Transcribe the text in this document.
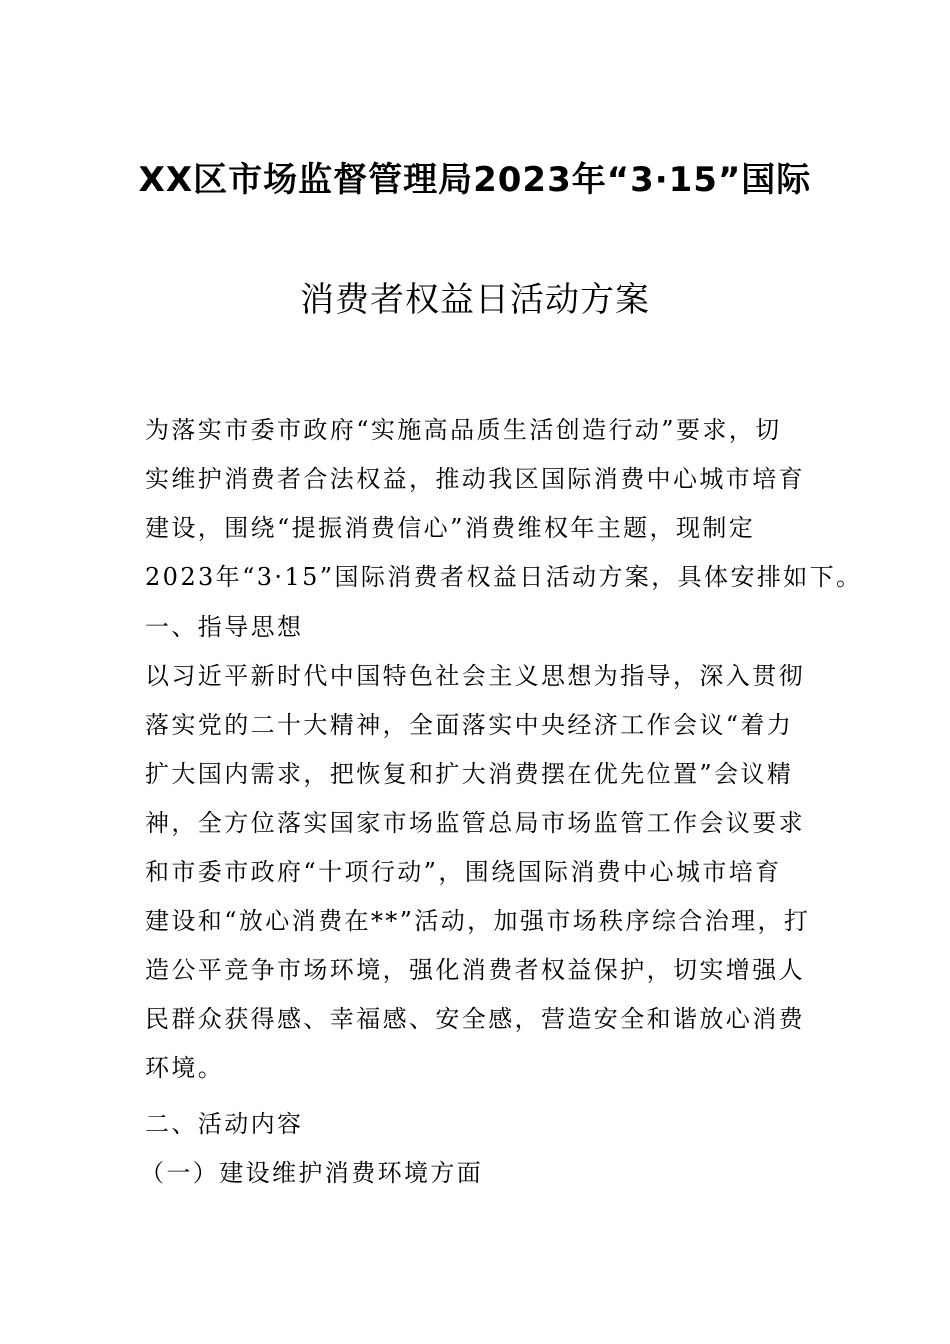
XX区市场监督管理局2023年“3·15”国际
消费者权益日活动方案
为落实市委市政府“实施高品质生活创造行动”要求，切
实维护消费者合法权益，推动我区国际消费中心城市培育
建设，围绕“提振消费信心”消费维权年主题，现制定
2023年“3·15”国际消费者权益日活动方案，具体安排如下。
一、指导思想
以习近平新时代中国特色社会主义思想为指导，深入贯彻
落实党的二十大精神，全面落实中央经济工作会议“着力
扩大国内需求，把恢复和扩大消费摆在优先位置”会议精
神，全方位落实国家市场监管总局市场监管工作会议要求
和市委市政府“十项行动”，围绕国际消费中心城市培育
建设和“放心消费在**”活动，加强市场秩序综合治理，打
造公平竞争市场环境，强化消费者权益保护，切实增强人
民群众获得感、幸福感、安全感，营造安全和谐放心消费
环境。
二、活动内容
（一）建设维护消费环境方面
